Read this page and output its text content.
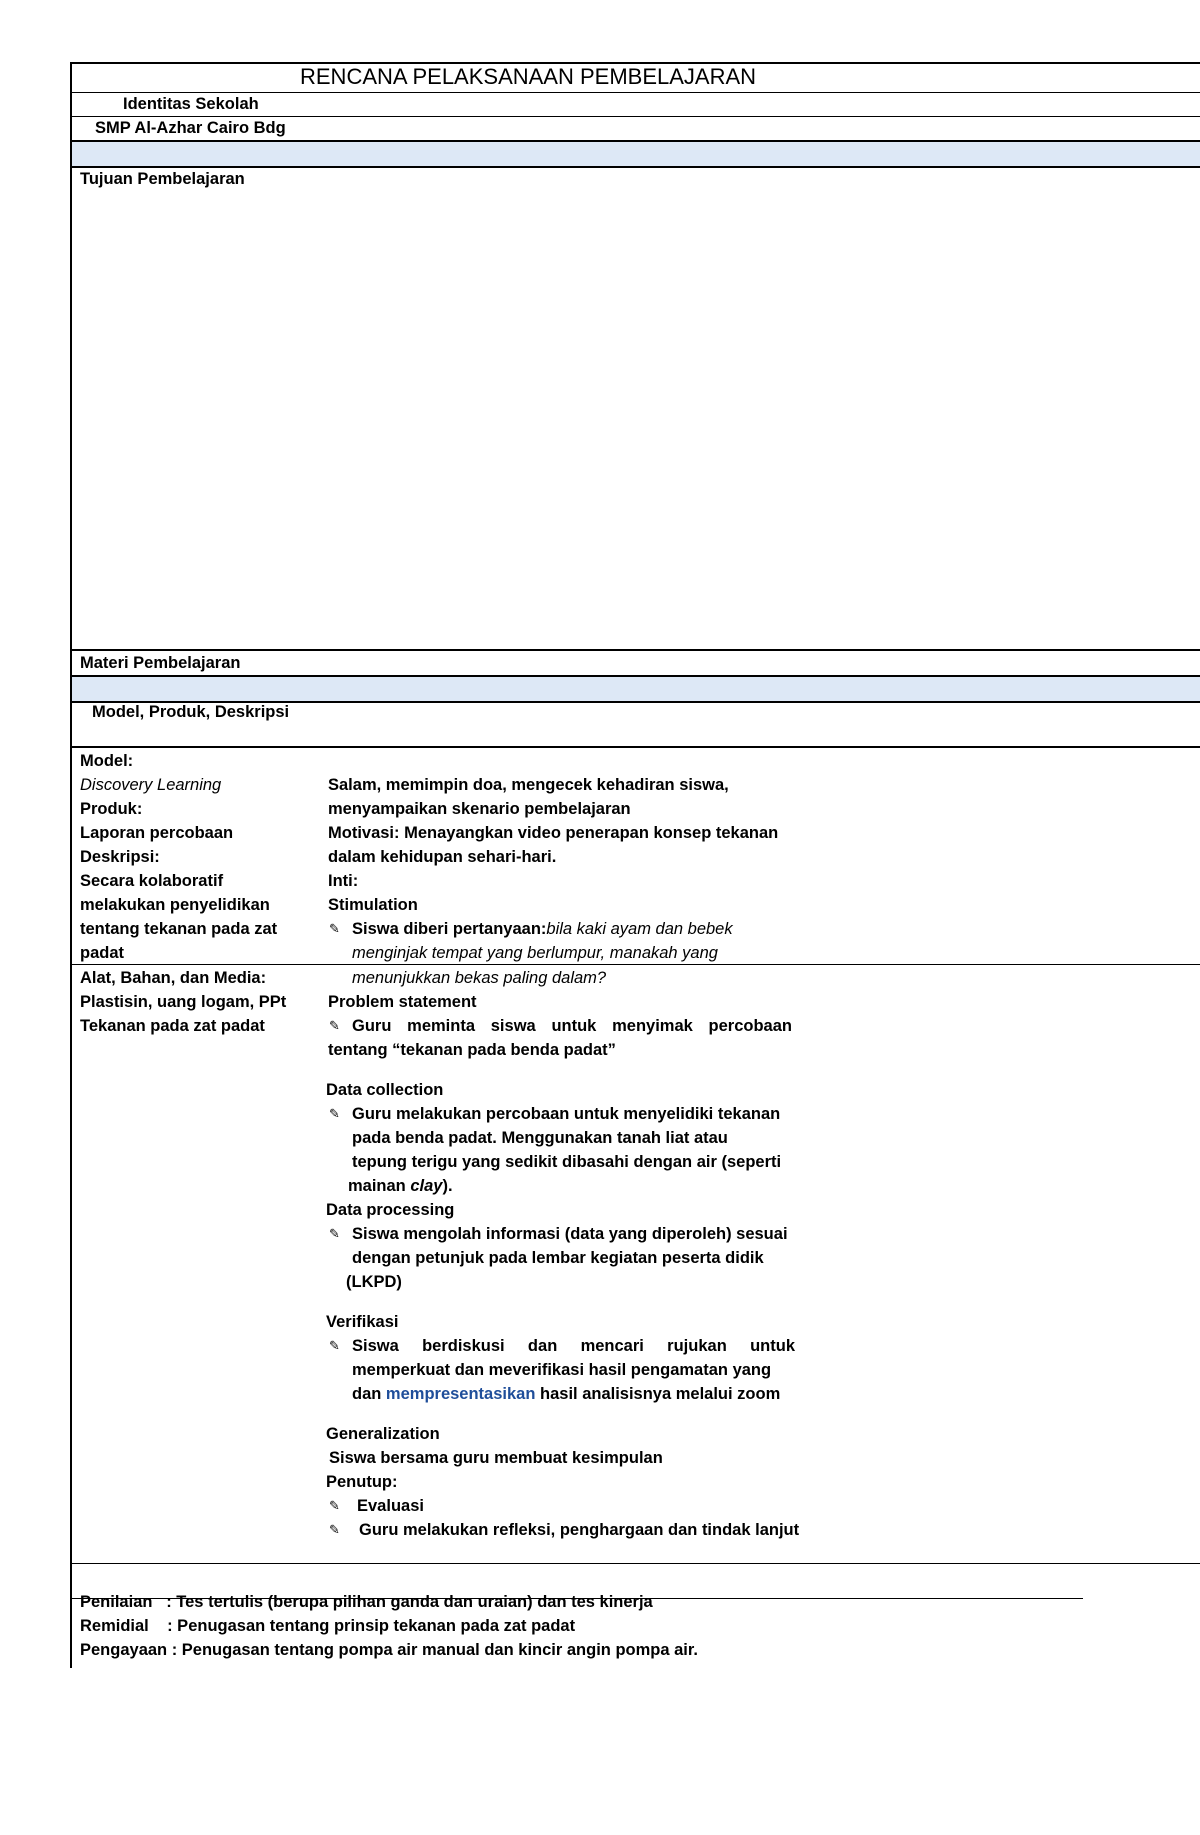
RENCANA PELAKSANAAN PEMBELAJARAN
Identitas Sekolah
SMP Al-Azhar Cairo Bdg
Tujuan Pembelajaran
Materi Pembelajaran
Model, Produk, Deskripsi
Model:
Discovery Learning
Produk:
Laporan percobaan
Deskripsi:
Secara kolaboratif
melakukan penyelidikan
tentang tekanan pada zat
padat
Alat, Bahan, dan Media:
Plastisin, uang logam, PPt
Tekanan pada zat padat
Salam, memimpin doa, mengecek kehadiran siswa,
menyampaikan skenario pembelajaran
Motivasi: Menayangkan video penerapan konsep tekanan
dalam kehidupan sehari-hari.
Inti:
Stimulation
✎ Siswa diberi pertanyaan:bila kaki ayam dan bebek
menginjak tempat yang berlumpur, manakah yang
menunjukkan bekas paling dalam?
Problem statement
✎ Guru meminta siswa untuk menyimak percobaan
tentang “tekanan pada benda padat”
Data collection
✎ Guru melakukan percobaan untuk menyelidiki tekanan
pada benda padat. Menggunakan tanah liat atau
tepung terigu yang sedikit dibasahi dengan air (seperti
mainan clay).
Data processing
✎ Siswa mengolah informasi (data yang diperoleh) sesuai
dengan petunjuk pada lembar kegiatan peserta didik
(LKPD)
Verifikasi
✎ Siswa berdiskusi dan mencari rujukan untuk
memperkuat dan meverifikasi hasil pengamatan yang
dan mempresentasikan hasil analisisnya melalui zoom
Generalization
Siswa bersama guru membuat kesimpulan
Penutup:
✎ Evaluasi
✎ Guru melakukan refleksi, penghargaan dan tindak lanjut
Penilaian   : Tes tertulis (berupa pilihan ganda dan uraian) dan tes kinerja
Remidial    : Penugasan tentang prinsip tekanan pada zat padat
Pengayaan : Penugasan tentang pompa air manual dan kincir angin pompa air.
